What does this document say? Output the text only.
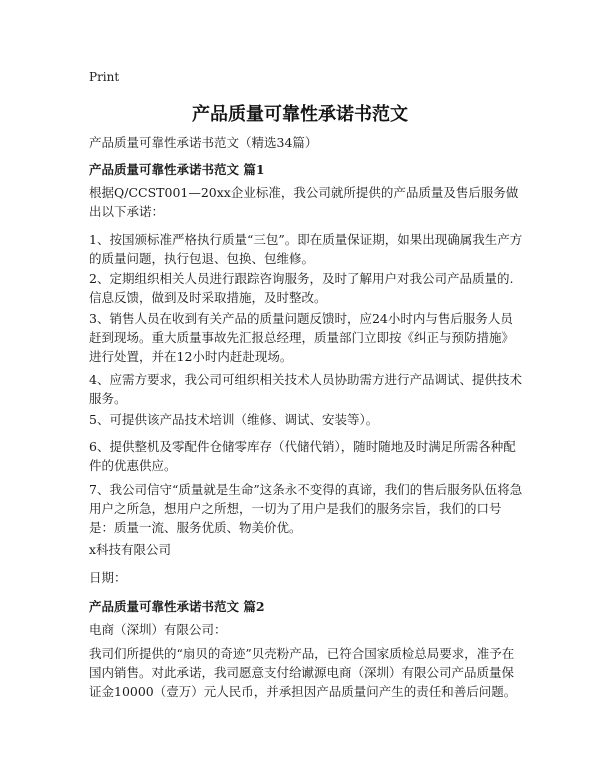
Print
产品质量可靠性承诺书范文
产品质量可靠性承诺书范文（精选34篇）
产品质量可靠性承诺书范文 篇1
根据Q/CCST001—20xx企业标准，我公司就所提供的产品质量及售后服务做出以下承诺：
1、按国颁标准严格执行质量“三包”。即在质量保证期，如果出现确属我生产方的质量问题，执行包退、包换、包维修。
2、定期组织相关人员进行跟踪咨询服务，及时了解用户对我公司产品质量的.信息反馈，做到及时采取措施，及时整改。
3、销售人员在收到有关产品的质量问题反馈时，应24小时内与售后服务人员赶到现场。重大质量事故先汇报总经理，质量部门立即按《纠正与预防措施》进行处置，并在12小时内赶赴现场。
4、应需方要求，我公司可组织相关技术人员协助需方进行产品调试、提供技术服务。
5、可提供该产品技术培训（维修、调试、安装等）。
6、提供整机及零配件仓储零库存（代储代销），随时随地及时满足所需各种配件的优惠供应。
7、我公司信守“质量就是生命”这条永不变得的真谛，我们的售后服务队伍将急用户之所急，想用户之所想，一切为了用户是我们的服务宗旨，我们的口号是：质量一流、服务优质、物美价优。
x科技有限公司
日期：
产品质量可靠性承诺书范文 篇2
电商（深圳）有限公司：
我司们所提供的“扇贝的奇迹”贝壳粉产品，已符合国家质检总局要求，准予在国内销售。对此承诺，我司愿意支付给谳源电商（深圳）有限公司产品质量保证金10000（壹万）元人民币，并承担因产品质量问产生的责任和善后问题。
